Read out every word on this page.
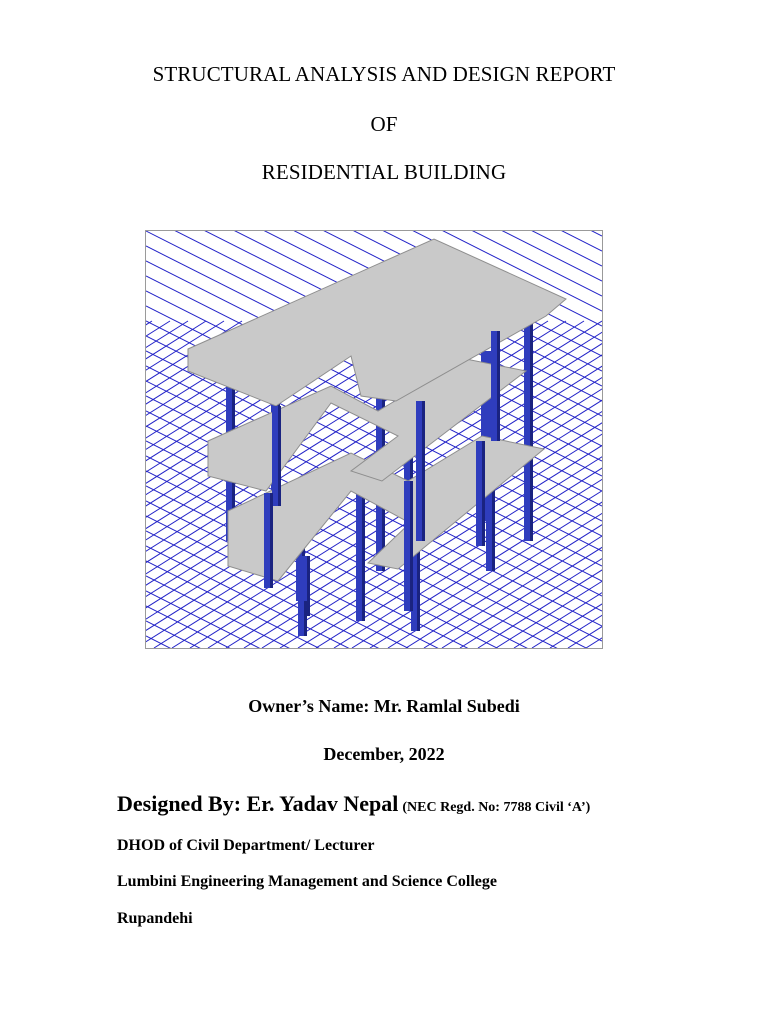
STRUCTURAL ANALYSIS AND DESIGN REPORT
OF
RESIDENTIAL BUILDING
Owner’s Name: Mr. Ramlal Subedi
December, 2022
Designed By: Er. Yadav Nepal (NEC Regd. No: 7788 Civil ‘A’)
DHOD of Civil Department/ Lecturer
Lumbini Engineering Management and Science College
Rupandehi
